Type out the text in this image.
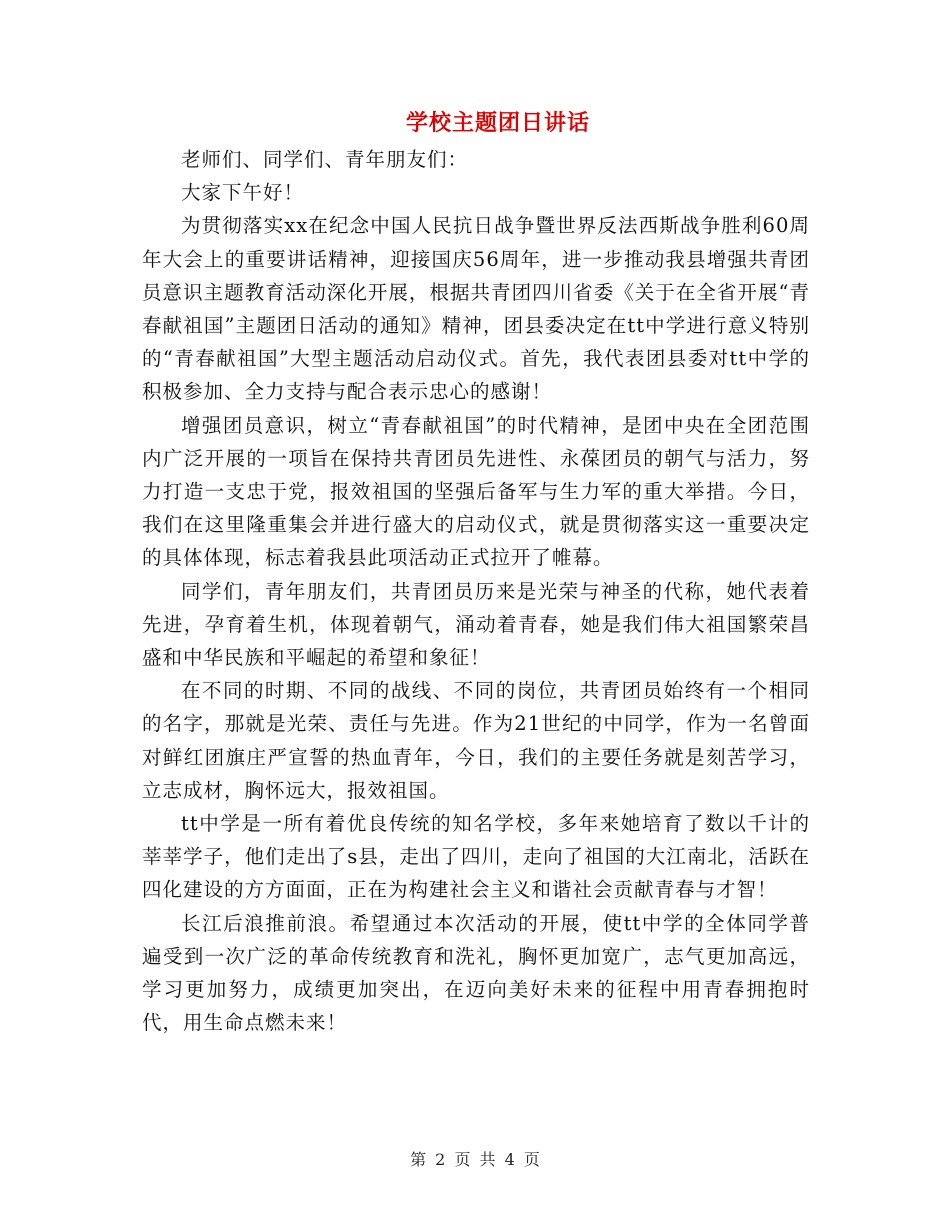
学校主题团日讲话

老师们、同学们、青年朋友们：

大家下午好！

为贯彻落实xx在纪念中国人民抗日战争暨世界反法西斯战争胜利60周年大会上的重要讲话精神，迎接国庆56周年，进一步推动我县增强共青团员意识主题教育活动深化开展，根据共青团四川省委《关于在全省开展“青春献祖国”主题团日活动的通知》精神，团县委决定在tt中学进行意义特别的“青春献祖国”大型主题活动启动仪式。首先，我代表团县委对tt中学的积极参加、全力支持与配合表示忠心的感谢！

增强团员意识，树立“青春献祖国”的时代精神，是团中央在全团范围内广泛开展的一项旨在保持共青团员先进性、永葆团员的朝气与活力，努力打造一支忠于党，报效祖国的坚强后备军与生力军的重大举措。今日，我们在这里隆重集会并进行盛大的启动仪式，就是贯彻落实这一重要决定的具体体现，标志着我县此项活动正式拉开了帷幕。

同学们，青年朋友们，共青团员历来是光荣与神圣的代称，她代表着先进，孕育着生机，体现着朝气，涌动着青春，她是我们伟大祖国繁荣昌盛和中华民族和平崛起的希望和象征！

在不同的时期、不同的战线、不同的岗位，共青团员始终有一个相同的名字，那就是光荣、责任与先进。作为21世纪的中同学，作为一名曾面对鲜红团旗庄严宣誓的热血青年，今日，我们的主要任务就是刻苦学习，立志成材，胸怀远大，报效祖国。

tt中学是一所有着优良传统的知名学校，多年来她培育了数以千计的莘莘学子，他们走出了s县，走出了四川，走向了祖国的大江南北，活跃在四化建设的方方面面，正在为构建社会主义和谐社会贡献青春与才智！

长江后浪推前浪。希望通过本次活动的开展，使tt中学的全体同学普遍受到一次广泛的革命传统教育和洗礼，胸怀更加宽广，志气更加高远，学习更加努力，成绩更加突出，在迈向美好未来的征程中用青春拥抱时代，用生命点燃未来！

第 2 页 共 4 页
